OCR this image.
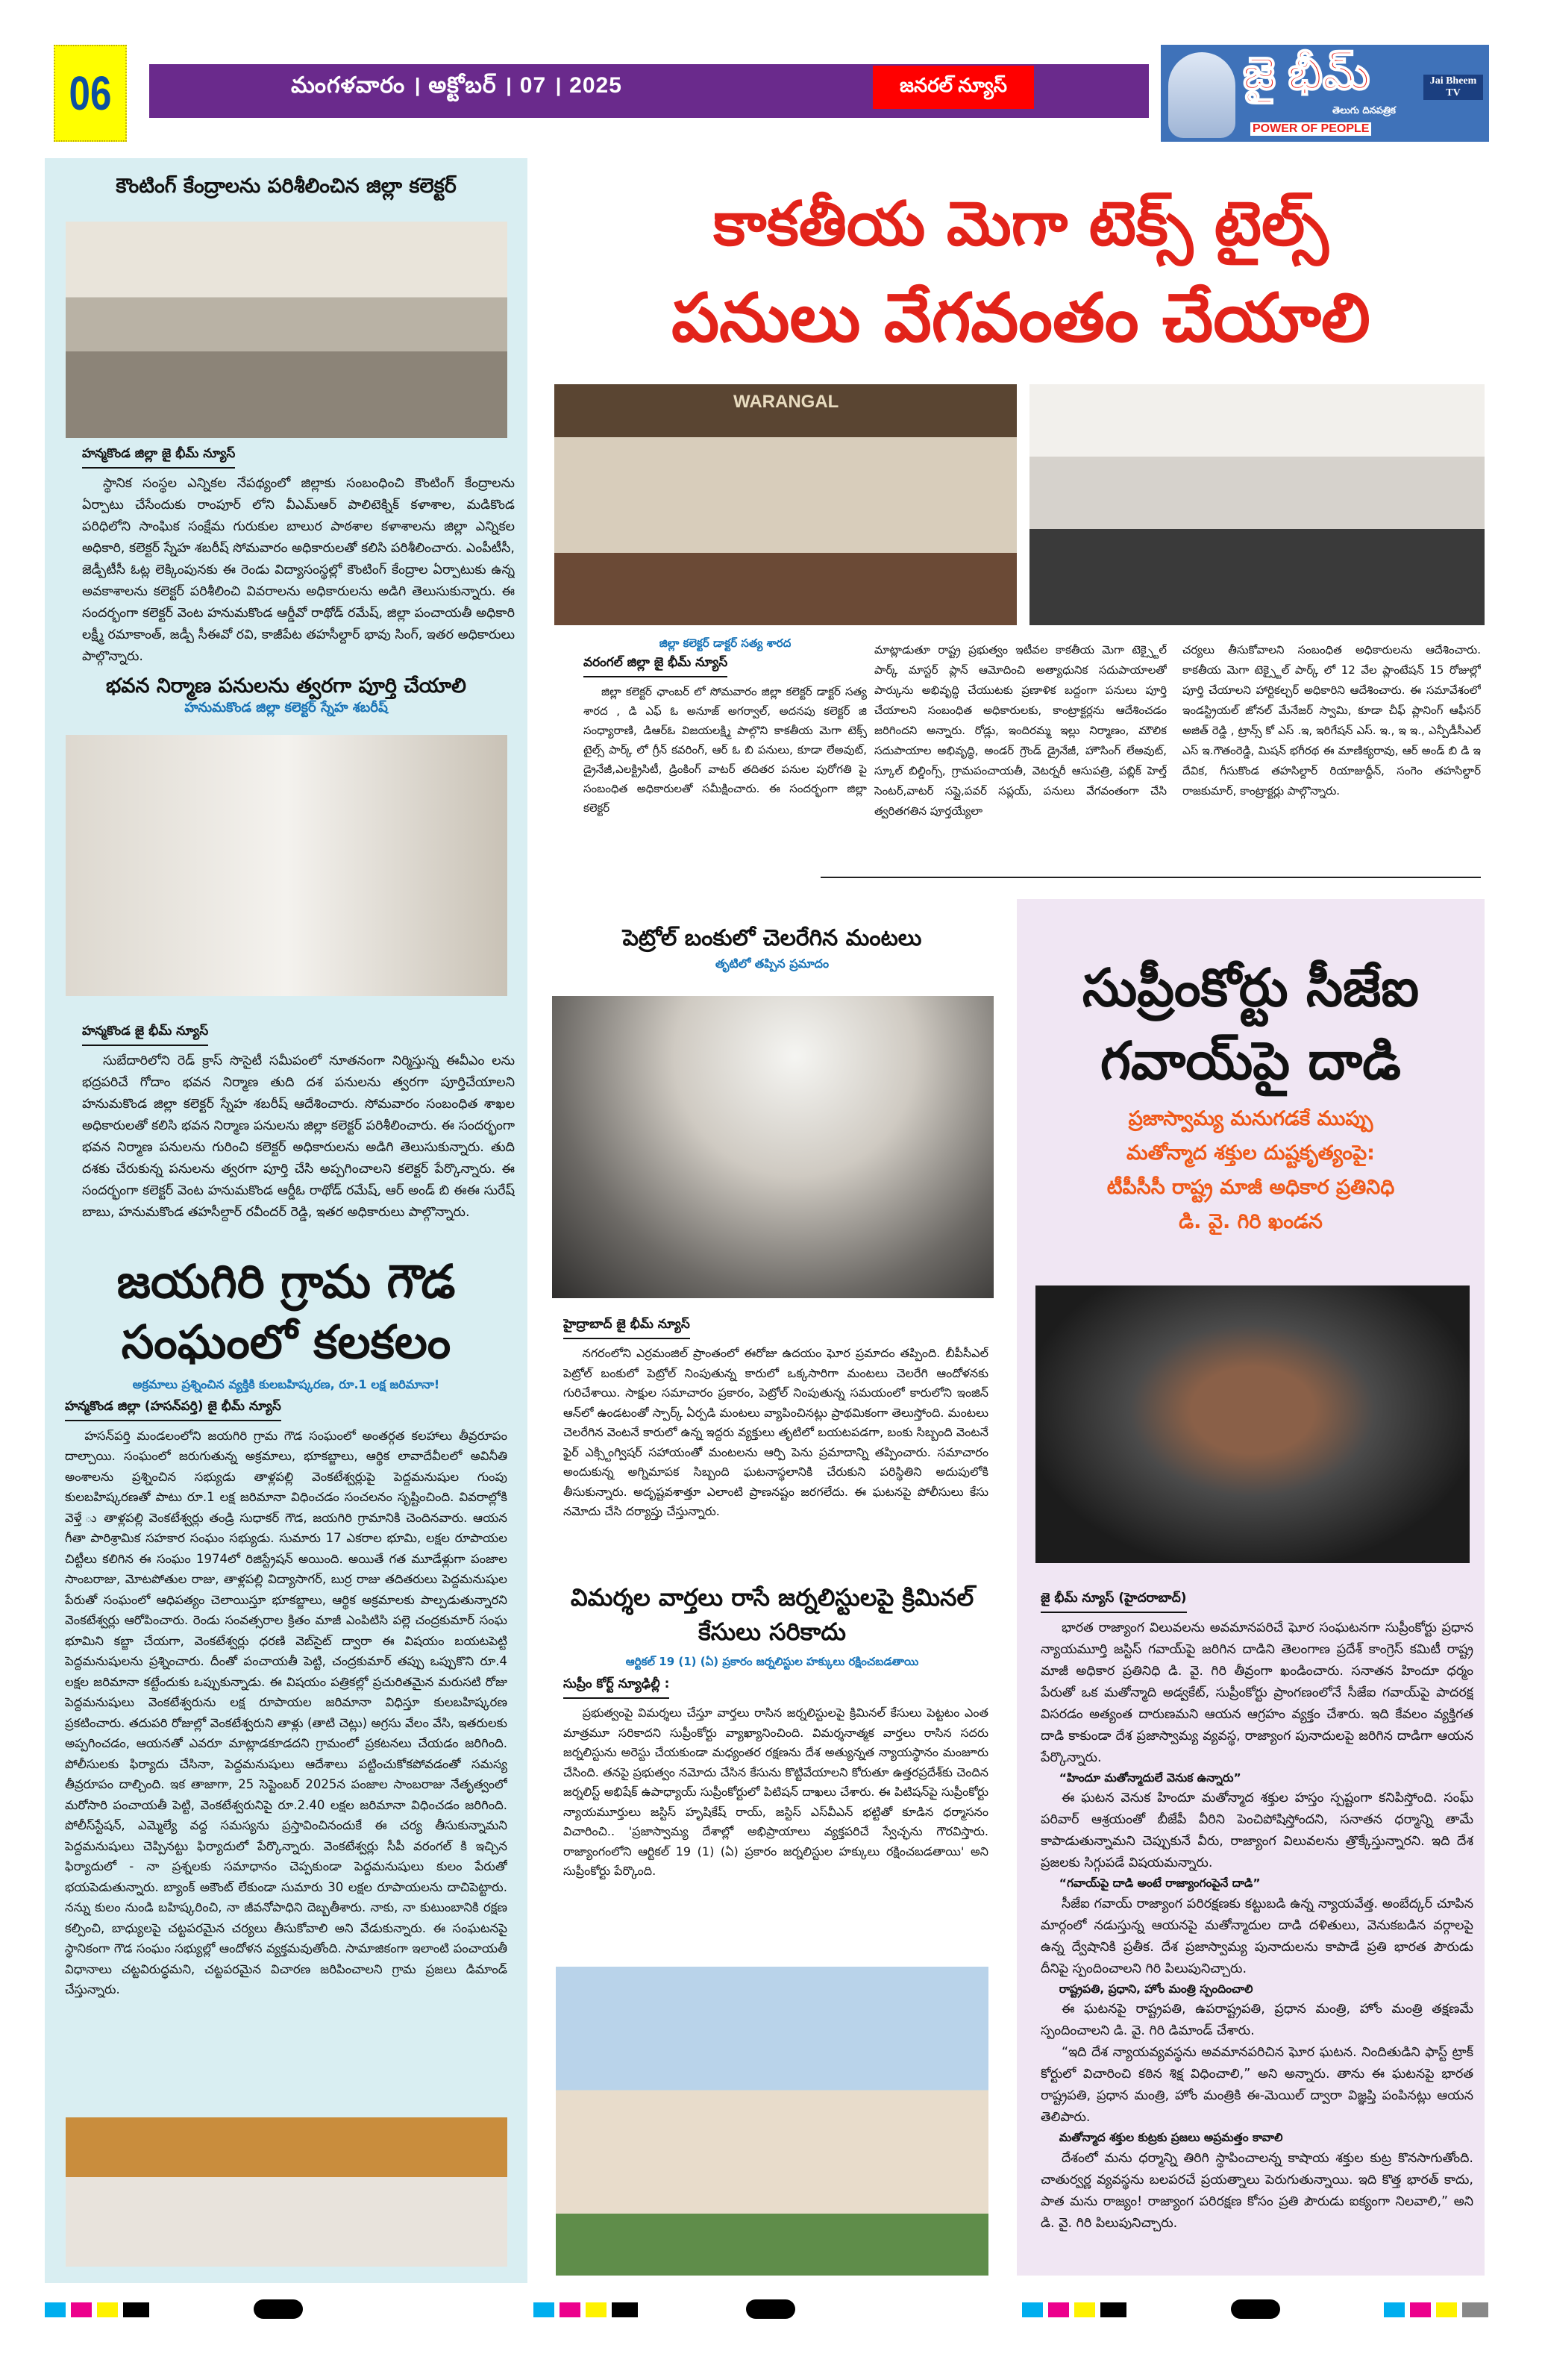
06	మంగళవారం । అక్టోబర్ । 07 । 2025	జనరల్ న్యూస్	జై భీమ్
తెలుగు దినపత్రిక
POWER OF PEOPLE
Jai Bheem TV
కౌంటింగ్ కేంద్రాలను పరిశీలించిన జిల్లా కలెక్టర్
హన్మకొండ జిల్లా జై భీమ్ న్యూస్
స్థానిక సంస్థల ఎన్నికల నేపథ్యంలో జిల్లాకు సంబంధించి కౌంటింగ్ కేంద్రాలను ఏర్పాటు చేసేందుకు రాంపూర్ లోని వీఎమ్ఆర్ పాలిటెక్నిక్ కళాశాల, మడికొండ పరిధిలోని సాంఘిక సంక్షేమ గురుకుల బాలుర పాఠశాల కళాశాలను జిల్లా ఎన్నికల అధికారి, కలెక్టర్ స్నేహ శబరీష్ సోమవారం అధికారులతో కలిసి పరిశీలించారు. ఎంపీటీసీ, జెడ్పీటీసీ ఓట్ల లెక్కింపునకు ఈ రెండు విద్యాసంస్థల్లో కౌంటింగ్ కేంద్రాల ఏర్పాటుకు ఉన్న అవకాశాలను కలెక్టర్ పరిశీలించి వివరాలను అధికారులను అడిగి తెలుసుకున్నారు. ఈ సందర్భంగా కలెక్టర్ వెంట హనుమకొండ ఆర్డీవో రాథోడ్ రమేష్, జిల్లా పంచాయతీ అధికారి లక్ష్మీ రమాకాంత్, జడ్పీ సీఈవో రవి, కాజీపేట తహసీల్దార్ భావు సింగ్, ఇతర అధికారులు పాల్గొన్నారు.
భవన నిర్మాణ పనులను త్వరగా పూర్తి చేయాలి
హనుమకొండ జిల్లా కలెక్టర్ స్నేహ శబరీష్
హన్మకొండ జై భీమ్ న్యూస్
సుబేదారిలోని రెడ్ క్రాస్ సొసైటీ సమీపంలో నూతనంగా నిర్మిస్తున్న ఈవీఎం లను భద్రపరిచే గోదాం భవన నిర్మాణ తుది దశ పనులను త్వరగా పూర్తిచేయాలని హనుమకొండ జిల్లా కలెక్టర్ స్నేహ శబరీష్ ఆదేశించారు. సోమవారం సంబంధిత శాఖల అధికారులతో కలిసి భవన నిర్మాణ పనులను జిల్లా కలెక్టర్ పరిశీలించారు. ఈ సందర్భంగా భవన నిర్మాణ పనులను గురించి కలెక్టర్ అధికారులను అడిగి తెలుసుకున్నారు. తుది దశకు చేరుకున్న పనులను త్వరగా పూర్తి చేసి అప్పగించాలని కలెక్టర్ పేర్కొన్నారు. ఈ సందర్భంగా కలెక్టర్ వెంట హనుమకొండ ఆర్డీఓ రాథోడ్ రమేష్, ఆర్ అండ్ బి ఈఈ సురేష్ బాబు, హనుమకొండ తహసీల్దార్ రవీందర్ రెడ్డి, ఇతర అధికారులు పాల్గొన్నారు.
జయగిరి గ్రామ గౌడ సంఘంలో కలకలం
అక్రమాలు ప్రశ్నించిన వ్యక్తికి కులబహిష్కరణ, రూ.1 లక్ష జరిమానా!
హన్మకొండ జిల్లా (హసన్‌పర్తి) జై భీమ్ న్యూస్
హసన్‌పర్తి మండలంలోని జయగిరి గ్రామ గౌడ సంఘంలో అంతర్గత కలహాలు తీవ్రరూపం దాల్చాయి. సంఘంలో జరుగుతున్న అక్రమాలు, భూకబ్జాలు, ఆర్థిక లావాదేవీలలో అవినీతి అంశాలను ప్రశ్నించిన సభ్యుడు తాళ్లపల్లి వెంకటేశ్వర్లుపై పెద్దమనుషుల గుంపు కులబహిష్కరణతో పాటు రూ.1 లక్ష జరిమానా విధించడం సంచలనం సృష్టించింది. వివరాల్లోకి వెళ్తే ు తాళ్లపల్లి వెంకటేశ్వర్లు తండ్రి సుధాకర్ గౌడ, జయగిరి గ్రామానికి చెందినవారు. ఆయన గీతా పారిశ్రామిక సహకార సంఘం సభ్యుడు. సుమారు 17 ఎకరాల భూమి, లక్షల రూపాయల చిట్టీలు కలిగిన ఈ సంఘం 1974లో రిజిస్ట్రేషన్ అయింది. అయితే గత మూడేళ్లుగా పంజాల సాంబరాజు, మోటపోతుల రాజు, తాళ్లపల్లి విద్యాసాగర్, బుర్ర రాజు తదితరులు పెద్దమనుషుల పేరుతో సంఘంలో ఆధిపత్యం చెలాయిస్తూ భూకబ్జాలు, ఆర్థిక అక్రమాలకు పాల్పడుతున్నారని వెంకటేశ్వర్లు ఆరోపించారు. రెండు సంవత్సరాల క్రితం మాజీ ఎంపిటిసి పల్లె చంద్రకుమార్ సంఘ భూమిని కబ్జా చేయగా, వెంకటేశ్వర్లు ధరణి వెబ్‌సైట్ ద్వారా ఈ విషయం బయటపెట్టి పెద్దమనుషులను ప్రశ్నించారు. దీంతో పంచాయతీ పెట్టి, చంద్రకుమార్ తప్పు ఒప్పుకొని రూ.4 లక్షల జరిమానా కట్టేందుకు ఒప్పుకున్నాడు. ఈ విషయం పత్రికల్లో ప్రచురితమైన మరుసటి రోజు పెద్దమనుషులు వెంకటేశ్వరును లక్ష రూపాయల జరిమానా విధిస్తూ కులబహిష్కరణ ప్రకటించారు. తదుపరి రోజుల్లో వెంకటేశ్వరుని తాళ్లు (తాటి చెట్లు) అగ్రసు వేలం వేసి, ఇతరులకు అప్పగించడం, ఆయనతో ఎవరూ మాట్లాడకూడదని గ్రామంలో ప్రకటనలు చేయడం జరిగింది. పోలీసులకు ఫిర్యాదు చేసినా, పెద్దమనుషులు ఆదేశాలు పట్టించుకోకపోవడంతో సమస్య తీవ్రరూపం దాల్చింది. ఇక తాజాగా, 25 సెప్టెంబర్ 2025న పంజాల సాంబరాజు నేతృత్వంలో మరోసారి పంచాయతీ పెట్టి, వెంకటేశ్వరునిపై రూ.2.40 లక్షల జరిమానా విధించడం జరిగింది. పోలీస్‌స్టేషన్, ఎమ్మెల్యే వద్ద సమస్యను ప్రస్తావించినందుకే ఈ చర్య తీసుకున్నామని పెద్దమనుషులు చెప్పినట్టు ఫిర్యాదులో పేర్కొన్నారు. వెంకటేశ్వర్లు సీపీ వరంగల్ కి ఇచ్చిన ఫిర్యాదులో - నా ప్రశ్నలకు సమాధానం చెప్పకుండా పెద్దమనుషులు కులం పేరుతో భయపెడుతున్నారు. బ్యాంక్ అకౌంట్ లేకుండా సుమారు 30 లక్షల రూపాయలను దాచిపెట్టారు. నన్ను కులం నుండి బహిష్కరించి, నా జీవనోపాధిని దెబ్బతీశారు. నాకు, నా కుటుంబానికి రక్షణ కల్పించి, బాధ్యులపై చట్టపరమైన చర్యలు తీసుకోవాలి అని వేడుకున్నారు. ఈ సంఘటనపై స్థానికంగా గౌడ సంఘం సభ్యుల్లో ఆందోళన వ్యక్తమవుతోంది. సామాజికంగా ఇలాంటి పంచాయతీ విధానాలు చట్టవిరుద్ధమని, చట్టపరమైన విచారణ జరిపించాలని గ్రామ ప్రజలు డిమాండ్ చేస్తున్నారు.
కాకతీయ మెగా టెక్స్ టైల్స్
పనులు వేగవంతం చేయాలి
WARANGAL
జిల్లా కలెక్టర్ డాక్టర్ సత్య శారద
వరంగల్ జిల్లా జై భీమ్ న్యూస్
జిల్లా కలెక్టర్ ఛాంబర్ లో సోమవారం జిల్లా కలెక్టర్ డాక్టర్ సత్య శారద , డి ఎఫ్ ఓ అనూజ్ అగర్వాల్, అదనపు కలెక్టర్ జి సంధ్యారాణి, డిఆర్ఓ విజయలక్ష్మి పాల్గొని కాకతీయ మెగా టెక్స్ టైల్స్ పార్క్ లో గ్రీన్ కవరింగ్, ఆర్ ఓ బి పనులు, కూడా లేఅవుట్, డ్రైనేజీ,ఎలక్ట్రిసిటీ, డ్రింకింగ్ వాటర్ తదితర పనుల పురోగతి పై సంబంధిత అధికారులతో సమీక్షించారు. ఈ సందర్భంగా జిల్లా కలెక్టర్
మాట్లాడుతూ రాష్ట్ర ప్రభుత్వం ఇటీవల కాకతీయ మెగా టెక్స్టైల్ పార్క్ మాస్టర్ ప్లాన్ ఆమోదించి అత్యాధునిక సదుపాయాలతో పార్కును అభివృద్ధి చేయుటకు ప్రణాళిక బద్దంగా పనులు పూర్తి చేయాలని సంబంధిత అధికారులకు, కాంట్రాక్టర్లను ఆదేశించడం జరిగిందని అన్నారు. రోడ్లు, ఇందిరమ్మ ఇల్లు నిర్మాణం, మౌలిక సదుపాయాల అభివృద్ధి, అండర్ గ్రౌండ్ డ్రైనేజీ, హౌసింగ్ లేఅవుట్, స్కూల్ బిల్డింగ్స్, గ్రామపంచాయతీ, వెటర్నరీ ఆసుపత్రి, పబ్లిక్ హెల్త్ సెంటర్,వాటర్ సప్లై,పవర్ సప్లయ్, పనులు వేగవంతంగా చేసి త్వరితగతిన పూర్తయ్యేలా
చర్యలు తీసుకోవాలని సంబంధిత అధికారులను ఆదేశించారు. కాకతీయ మెగా టెక్స్టైల్ పార్క్ లో 12 వేల ప్లాంటేషన్ 15 రోజుల్లో పూర్తి చేయాలని హార్టికల్చర్ అధికారిని ఆదేశించారు. ఈ సమావేశంలో ఇండస్ట్రియల్ జోనల్ మేనేజర్ స్వామి, కూడా చీఫ్ ప్లానింగ్ ఆఫీసర్ అజిత్ రెడ్డి , ట్రాన్స్ కో ఎస్ .ఇ, ఇరిగేషన్ ఎస్. ఇ., ఇ ఇ., ఎన్పీడీసీఎల్ ఎస్ ఇ.గౌతంరెడ్డి, మిషన్ భగీరథ ఈ మాణిక్యరావు, ఆర్ అండ్ బి డి ఇ దేవిక, గీసుకొండ తహసిల్దార్ రియాజుద్దీన్, సంగెం తహసిల్దార్ రాజకుమార్, కాంట్రాక్టర్లు పాల్గొన్నారు.
పెట్రోల్ బంకులో చెలరేగిన మంటలు
తృటిలో తప్పిన ప్రమాదం
హైద్రాబాద్ జై భీమ్ న్యూస్
నగరంలోని ఎర్రమంజిల్ ప్రాంతంలో ఈరోజు ఉదయం ఘోర ప్రమాదం తప్పింది. బీపీసీఎల్ పెట్రోల్ బంకులో పెట్రోల్ నింపుతున్న కారులో ఒక్కసారిగా మంటలు చెలరేగి ఆందోళనకు గురిచేశాయి. సాక్షుల సమాచారం ప్రకారం, పెట్రోల్ నింపుతున్న సమయంలో కారులోని ఇంజిన్ ఆన్‌లో ఉండటంతో స్పార్క్ ఏర్పడి మంటలు వ్యాపించినట్లు ప్రాథమికంగా తెలుస్తోంది. మంటలు చెలరేగిన వెంటనే కారులో ఉన్న ఇద్దరు వ్యక్తులు తృటిలో బయటపడగా, బంకు సిబ్బంది వెంటనే ఫైర్ ఎక్స్టింగ్విషర్ సహాయంతో మంటలను ఆర్పి పెను ప్రమాదాన్ని తప్పించారు. సమాచారం అందుకున్న అగ్నిమాపక సిబ్బంది ఘటనాస్థలానికి చేరుకుని పరిస్థితిని అదుపులోకి తీసుకున్నారు. అదృష్టవశాత్తూ ఎలాంటి ప్రాణనష్టం జరగలేదు. ఈ ఘటనపై పోలీసులు కేసు నమోదు చేసి దర్యాప్తు చేస్తున్నారు.
విమర్శల వార్తలు రాసే జర్నలిస్టులపై క్రిమినల్ కేసులు సరికాదు
ఆర్టికల్ 19 (1) (ఏ) ప్రకారం జర్నలిస్టుల హక్కులు రక్షించబడతాయి
సుప్రీం కోర్ట్ న్యూఢిల్లీ :
ప్రభుత్వంపై విమర్శలు చేస్తూ వార్తలు రాసిన జర్నలిస్టులపై క్రిమినల్ కేసులు పెట్టటం ఎంత మాత్రమూ సరికాదని సుప్రీంకోర్టు వ్యాఖ్యానించింది. విమర్శనాత్మక వార్తలు రాసిన సదరు జర్నలిస్టును అరెస్టు చేయకుండా మధ్యంతర రక్షణను దేశ అత్యున్నత న్యాయస్థానం మంజూరు చేసింది. తనపై ప్రభుత్వం నమోదు చేసిన కేసును కొట్టివేయాలని కోరుతూ ఉత్తరప్రదేశ్‌కు చెందిన జర్నలిస్ట్ అభిషేక్ ఉపాధ్యాయ్ సుప్రీంకోర్టులో పిటిషన్ దాఖలు చేశారు. ఈ పిటిషన్‌పై సుప్రీంకోర్టు న్యాయమూర్తులు జస్టిస్ హృషికేష్ రాయ్, జస్టిస్ ఎస్‌వీఎన్ భట్టితో కూడిన ధర్మాసనం విచారించి.. 'ప్రజాస్వామ్య దేశాల్లో అభిప్రాయాలు వ్యక్తపరిచే స్వేచ్ఛను గౌరవిస్తారు. రాజ్యాంగంలోని ఆర్టికల్ 19 (1) (ఏ) ప్రకారం జర్నలిస్టుల హక్కులు రక్షించబడతాయి' అని సుప్రీంకోర్టు పేర్కొంది.
సుప్రీంకోర్టు సీజేఐ
గవాయ్‌పై దాడి
ప్రజాస్వామ్య మనుగడకే ముప్పు
మతోన్మాద శక్తుల దుష్టకృత్యంపై:
టీపీసీసీ రాష్ట్ర మాజీ అధికార ప్రతినిధి
డి. వై. గిరి ఖండన
జై భీమ్ న్యూస్ (హైదరాబాద్)
భారత రాజ్యాంగ విలువలను అవమానపరిచే ఘోర సంఘటనగా సుప్రీంకోర్టు ప్రధాన న్యాయమూర్తి జస్టిస్ గవాయ్‌పై జరిగిన దాడిని తెలంగాణ ప్రదేశ్ కాంగ్రెస్ కమిటీ రాష్ట్ర మాజీ అధికార ప్రతినిధి డి. వై. గిరి తీవ్రంగా ఖండించారు. సనాతన హిందూ ధర్మం పేరుతో ఒక మతోన్మాది అడ్వకేట్, సుప్రీంకోర్టు ప్రాంగణంలోనే సీజేఐ గవాయ్‌పై పాదరక్ష విసరడం అత్యంత దారుణమని ఆయన ఆగ్రహం వ్యక్తం చేశారు. ఇది కేవలం వ్యక్తిగత దాడి కాకుండా దేశ ప్రజాస్వామ్య వ్యవస్థ, రాజ్యాంగ పునాదులపై జరిగిన దాడిగా ఆయన పేర్కొన్నారు.
“హిందూ మతోన్మాదులే వెనుక ఉన్నారు”
ఈ ఘటన వెనుక హిందూ మతోన్మాద శక్తుల హస్తం స్పష్టంగా కనిపిస్తోంది. సంఘ్ పరివార్ ఆశ్రయంతో బీజేపీ వీరిని పెంచిపోషిస్తోందని, సనాతన ధర్మాన్ని తామే కాపాడుతున్నామని చెప్పుకునే వీరు, రాజ్యాంగ విలువలను త్రొక్కేస్తున్నారని. ఇది దేశ ప్రజలకు సిగ్గుపడే విషయమన్నారు.
“గవాయ్‌పై దాడి అంటే రాజ్యాంగంపైనే దాడి”
సీజేఐ గవాయ్ రాజ్యాంగ పరిరక్షణకు కట్టుబడి ఉన్న న్యాయవేత్త. అంబేద్కర్ చూపిన మార్గంలో నడుస్తున్న ఆయనపై మతోన్మాదుల దాడి దళితులు, వెనుకబడిన వర్గాలపై ఉన్న ద్వేషానికి ప్రతీక. దేశ ప్రజాస్వామ్య పునాదులను కాపాడే ప్రతి భారత పౌరుడు దీనిపై స్పందించాలని గిరి పిలుపునిచ్చారు.
రాష్ట్రపతి, ప్రధాని, హోం మంత్రి స్పందించాలి
ఈ ఘటనపై రాష్ట్రపతి, ఉపరాష్ట్రపతి, ప్రధాన మంత్రి, హోం మంత్రి తక్షణమే స్పందించాలని డి. వై. గిరి డిమాండ్ చేశారు.
“ఇది దేశ న్యాయవ్యవస్థను అవమానపరిచిన ఘోర ఘటన. నిందితుడిని ఫాస్ట్ ట్రాక్ కోర్టులో విచారించి కఠిన శిక్ష విధించాలి,” అని అన్నారు. తాను ఈ ఘటనపై భారత రాష్ట్రపతి, ప్రధాన మంత్రి, హోం మంత్రికి ఈ-మెయిల్ ద్వారా విజ్ఞప్తి పంపినట్లు ఆయన తెలిపారు.
మతోన్మాద శక్తుల కుట్రకు ప్రజలు అప్రమత్తం కావాలి
దేశంలో మను ధర్మాన్ని తిరిగి స్థాపించాలన్న కాషాయ శక్తుల కుట్ర కొనసాగుతోంది. చాతుర్వర్ణ వ్యవస్థను బలపరచే ప్రయత్నాలు పెరుగుతున్నాయి. ఇది కొత్త భారత్ కాదు, పాత మను రాజ్యం! రాజ్యాంగ పరిరక్షణ కోసం ప్రతి పౌరుడు ఐక్యంగా నిలవాలి,” అని డి. వై. గిరి పిలుపునిచ్చారు.
